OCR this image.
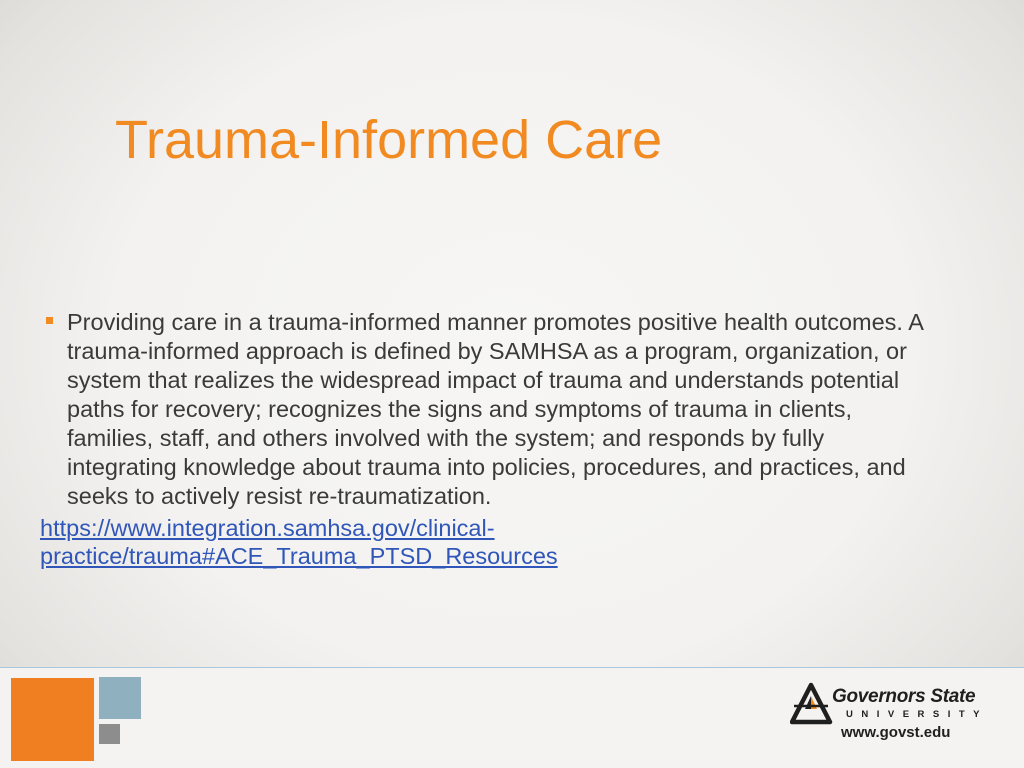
Trauma-Informed Care
Providing care in a trauma-informed manner promotes positive health outcomes. A trauma-informed approach is defined by SAMHSA as a program, organization, or system that realizes the widespread impact of trauma and understands potential paths for recovery; recognizes the signs and symptoms of trauma in clients, families, staff, and others involved with the system; and responds by fully integrating knowledge about trauma into policies, procedures, and practices, and seeks to actively resist re-traumatization.
https://www.integration.samhsa.gov/clinical-practice/trauma#ACE_Trauma_PTSD_Resources
Governors State
UNIVERSITY
www.govst.edu
